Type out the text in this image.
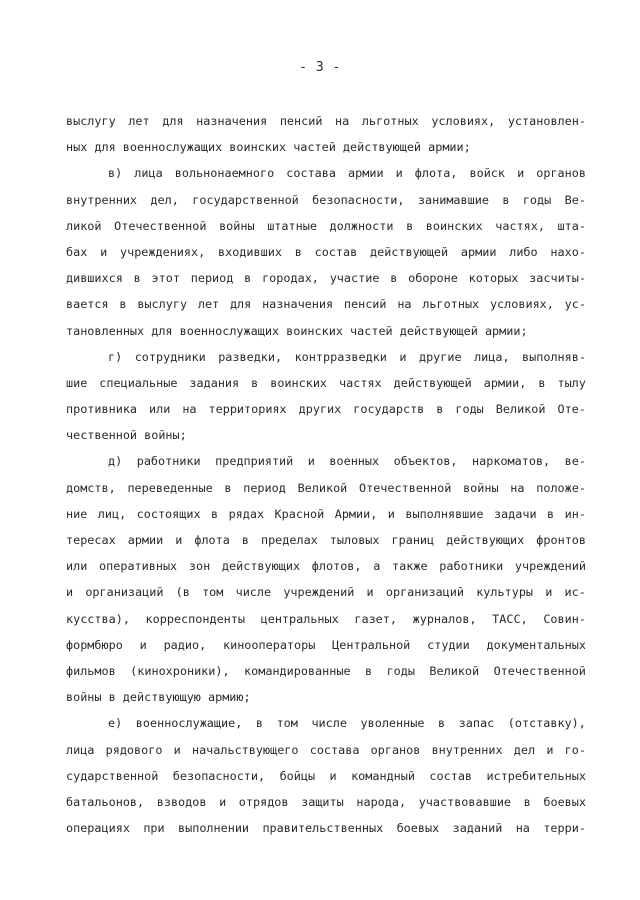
- 3 -
выслугу лет для назначения пенсий на льготных условиях, установлен-
ных для военнослужащих воинских частей действующей армии;
в) лица вольнонаемного состава армии и флота, войск и органов
внутренних дел, государственной безопасности, занимавшие в годы Ве-
ликой Отечественной войны штатные должности в воинских частях, шта-
бах и учреждениях, входивших в состав действующей армии либо нахо-
дившихся в этот период в городах, участие в обороне которых засчиты-
вается в выслугу лет для назначения пенсий на льготных условиях, ус-
тановленных для военнослужащих воинских частей действующей армии;
г) сотрудники разведки, контрразведки и другие лица, выполняв-
шие специальные задания в воинских частях действующей армии, в тылу
противника или на территориях других государств в годы Великой Оте-
чественной войны;
д) работники предприятий и военных объектов, наркоматов, ве-
домств, переведенные в период Великой Отечественной войны на положе-
ние лиц, состоящих в рядах Красной Армии, и выполнявшие задачи в ин-
тересах армии и флота в пределах тыловых границ действующих фронтов
или оперативных зон действующих флотов, а также работники учреждений
и организаций (в том числе учреждений и организаций культуры и ис-
кусства), корреспонденты центральных газет, журналов, ТАСС, Совин-
формбюро и радио, кинооператоры Центральной студии документальных
фильмов (кинохроники), командированные в годы Великой Отечественной
войны в действующую армию;
е) военнослужащие, в том числе уволенные в запас (отставку),
лица рядового и начальствующего состава органов внутренних дел и го-
сударственной безопасности, бойцы и командный состав истребительных
батальонов, взводов и отрядов защиты народа, участвовавшие в боевых
операциях при выполнении правительственных боевых заданий на терри-
